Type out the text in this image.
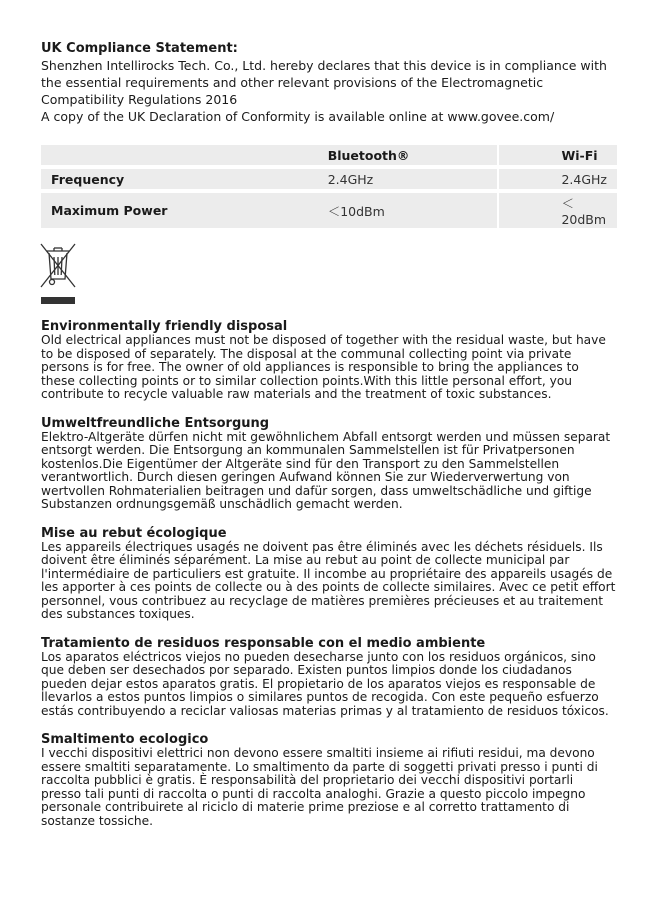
UK Compliance Statement:

Shenzhen Intellirocks Tech. Co., Ltd. hereby declares that this device is in compliance with

the essential requirements and other relevant provisions of the Electromagnetic

Compatibility Regulations 2016

A copy of the UK Declaration of Conformity is available online at www.govee.com/

	Bluetooth®	Wi-Fi
Frequency	2.4GHz	2.4GHz
Maximum Power	＜10dBm	＜20dBm
Environmentally friendly disposal

Old electrical appliances must not be disposed of together with the residual waste, but have to be disposed of separately. The disposal at the communal collecting point via private persons is for free. The owner of old appliances is responsible to bring the appliances to these collecting points or to similar collection points.With this little personal effort, you contribute to recycle valuable raw materials and the treatment of toxic substances.

Umweltfreundliche Entsorgung

Elektro-Altgeräte dürfen nicht mit gewöhnlichem Abfall entsorgt werden und müssen separat entsorgt werden. Die Entsorgung an kommunalen Sammelstellen ist für Privatpersonen kostenlos.Die Eigentümer der Altgeräte sind für den Transport zu den Sammelstellen verantwortlich. Durch diesen geringen Aufwand können Sie zur Wiederverwertung von wertvollen Rohmaterialien beitragen und dafür sorgen, dass umweltschädliche und giftige Substanzen ordnungsgemäß unschädlich gemacht werden.

Mise au rebut écologique

Les appareils électriques usagés ne doivent pas être éliminés avec les déchets résiduels. Ils doivent être éliminés séparément. La mise au rebut au point de collecte municipal par l'intermédiaire de particuliers est gratuite. Il incombe au propriétaire des appareils usagés de les apporter à ces points de collecte ou à des points de collecte similaires. Avec ce petit effort personnel, vous contribuez au recyclage de matières premières précieuses et au traitement des substances toxiques.

Tratamiento de residuos responsable con el medio ambiente

Los aparatos eléctricos viejos no pueden desecharse junto con los residuos orgánicos, sino que deben ser desechados por separado. Existen puntos limpios donde los ciudadanos pueden dejar estos aparatos gratis. El propietario de los aparatos viejos es responsable de llevarlos a estos puntos limpios o similares puntos de recogida. Con este pequeño esfuerzo estás contribuyendo a reciclar valiosas materias primas y al tratamiento de residuos tóxicos.

Smaltimento ecologico

I vecchi dispositivi elettrici non devono essere smaltiti insieme ai rifiuti residui, ma devono essere smaltiti separatamente. Lo smaltimento da parte di soggetti privati presso i punti di raccolta pubblici è gratis. È responsabilità del proprietario dei vecchi dispositivi portarli presso tali punti di raccolta o punti di raccolta analoghi. Grazie a questo piccolo impegno personale contribuirete al riciclo di materie prime preziose e al corretto trattamento di sostanze tossiche.
